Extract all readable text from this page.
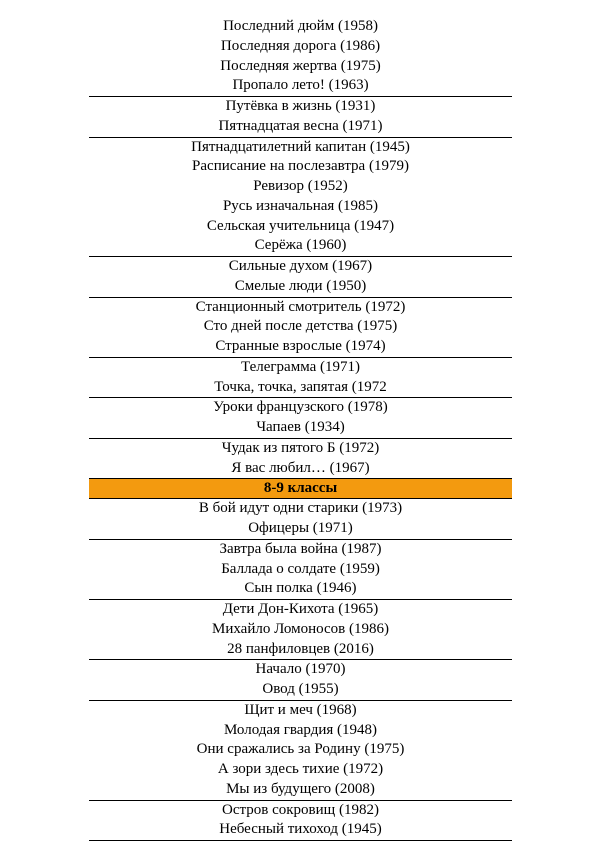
Последний дюйм (1958)
Последняя дорога (1986)
Последняя жертва (1975)
Пропало лето! (1963)
Путёвка в жизнь (1931)
Пятнадцатая весна (1971)
Пятнадцатилетний капитан (1945)
Расписание на послезавтра (1979)
Ревизор (1952)
Русь изначальная (1985)
Сельская учительница (1947)
Серёжа (1960)
Сильные духом (1967)
Смелые люди (1950)
Станционный смотритель (1972)
Сто дней после детства (1975)
Странные взрослые (1974)
Телеграмма (1971)
Точка, точка, запятая (1972
Уроки французского (1978)
Чапаев (1934)
Чудак из пятого Б (1972)
Я вас любил… (1967)
8-9 классы
В бой идут одни старики (1973)
Офицеры (1971)
Завтра была война (1987)
Баллада о солдате (1959)
Сын полка (1946)
Дети Дон-Кихота (1965)
Михайло Ломоносов (1986)
28 панфиловцев (2016)
Начало (1970)
Овод (1955)
Щит и меч (1968)
Молодая гвардия (1948)
Они сражались за Родину (1975)
А зори здесь тихие (1972)
Мы из будущего (2008)
Остров сокровищ (1982)
Небесный тихоход (1945)
